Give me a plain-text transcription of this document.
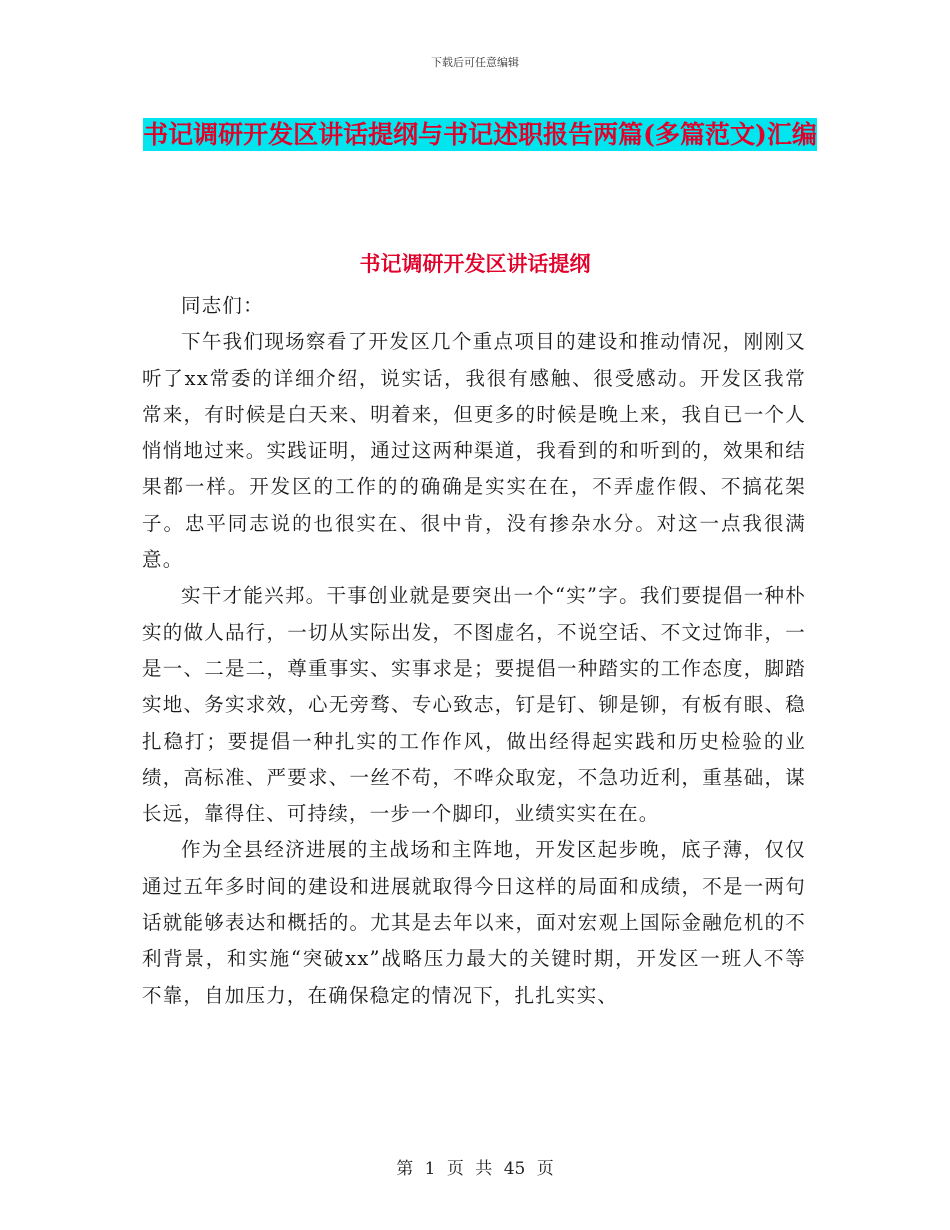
下载后可任意编辑
书记调研开发区讲话提纲与书记述职报告两篇(多篇范文)汇编
书记调研开发区讲话提纲

同志们：

下午我们现场察看了开发区几个重点项目的建设和推动情况，刚刚又听了xx常委的详细介绍，说实话，我很有感触、很受感动。开发区我常常来，有时候是白天来、明着来，但更多的时候是晚上来，我自已一个人悄悄地过来。实践证明，通过这两种渠道，我看到的和听到的，效果和结果都一样。开发区的工作的的确确是实实在在，不弄虚作假、不搞花架子。忠平同志说的也很实在、很中肯，没有掺杂水分。对这一点我很满意。

实干才能兴邦。干事创业就是要突出一个“实”字。我们要提倡一种朴实的做人品行，一切从实际出发，不图虚名，不说空话、不文过饰非，一是一、二是二，尊重事实、实事求是；要提倡一种踏实的工作态度，脚踏实地、务实求效，心无旁骛、专心致志，钉是钉、铆是铆，有板有眼、稳扎稳打；要提倡一种扎实的工作作风，做出经得起实践和历史检验的业绩，高标准、严要求、一丝不苟，不哗众取宠，不急功近利，重基础，谋长远，靠得住、可持续，一步一个脚印，业绩实实在在。

作为全县经济进展的主战场和主阵地，开发区起步晚，底子薄，仅仅通过五年多时间的建设和进展就取得今日这样的局面和成绩，不是一两句话就能够表达和概括的。尤其是去年以来，面对宏观上国际金融危机的不利背景，和实施“突破xx”战略压力最大的关键时期，开发区一班人不等不靠，自加压力，在确保稳定的情况下，扎扎实实、

第 1 页 共 45 页
